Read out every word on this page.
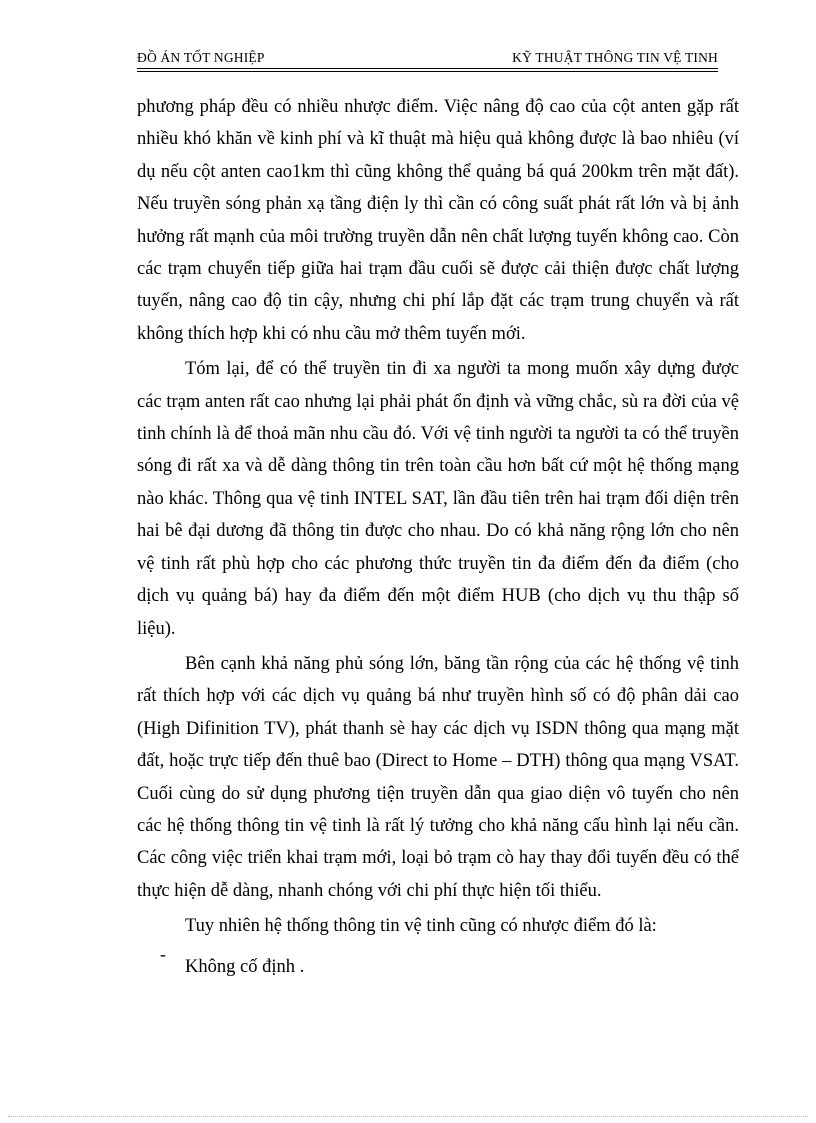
ĐỒ ÁN TỐT NGHIỆP	KỸ THUẬT THÔNG TIN VỆ TINH

phương pháp đều có nhiều nhược điểm. Việc nâng độ cao của cột anten gặp rất nhiều khó khăn về kinh phí và kĩ thuật mà hiệu quả không được là bao nhiêu (ví dụ nếu cột anten cao1km thì cũng không thể quảng bá quá 200km trên mặt đất). Nếu truyền sóng phản xạ tầng điện ly thì cần có công suất phát rất lớn và bị ảnh hưởng rất mạnh của môi trường truyền dẫn nên chất lượng tuyến không cao. Còn các trạm chuyển tiếp giữa hai trạm đầu cuối sẽ được cải thiện được chất lượng tuyến, nâng cao độ tin cậy, nhưng chi phí lắp đặt các trạm trung chuyển và rất không thích hợp khi có nhu cầu mở thêm tuyến mới.

Tóm lại, để có thể truyền tin đi xa người ta mong muốn xây dựng được các trạm anten rất cao nhưng lại phải phát ổn định và vững chắc, sù ra đời của vệ tinh chính là để thoả mãn nhu cầu đó. Với vệ tinh người ta người ta có thể truyền sóng đi rất xa và dễ dàng thông tin trên toàn cầu hơn bất cứ một hệ thống mạng nào khác. Thông qua vệ tinh INTEL SAT, lần đầu tiên trên hai trạm đối diện trên hai bê đại dương đã thông tin được cho nhau. Do có khả năng rộng lớn cho nên vệ tinh rất phù hợp cho các phương thức truyền tin đa điểm đến đa điểm (cho dịch vụ quảng bá) hay đa điểm đến một điểm HUB (cho dịch vụ thu thập số liệu).

Bên cạnh khả năng phủ sóng lớn, băng tần rộng của các hệ thống vệ tinh rất thích hợp với các dịch vụ quảng bá như truyền hình số có độ phân dải cao (High Difinition TV), phát thanh sè hay các dịch vụ ISDN thông qua mạng mặt đất, hoặc trực tiếp đến thuê bao (Direct to Home – DTH) thông qua mạng VSAT. Cuối cùng do sử dụng phương tiện truyền dẫn qua giao diện vô tuyến cho nên các hệ thống thông tin vệ tinh là rất lý tưởng cho khả năng cấu hình lại nếu cần. Các công việc triển khai trạm mới, loại bỏ trạm cò hay thay đổi tuyến đều có thể thực hiện dễ dàng, nhanh chóng với chi phí thực hiện tối thiểu.

Tuy nhiên hệ thống thông tin vệ tinh cũng có nhược điểm đó là:

-
Không cố định .
